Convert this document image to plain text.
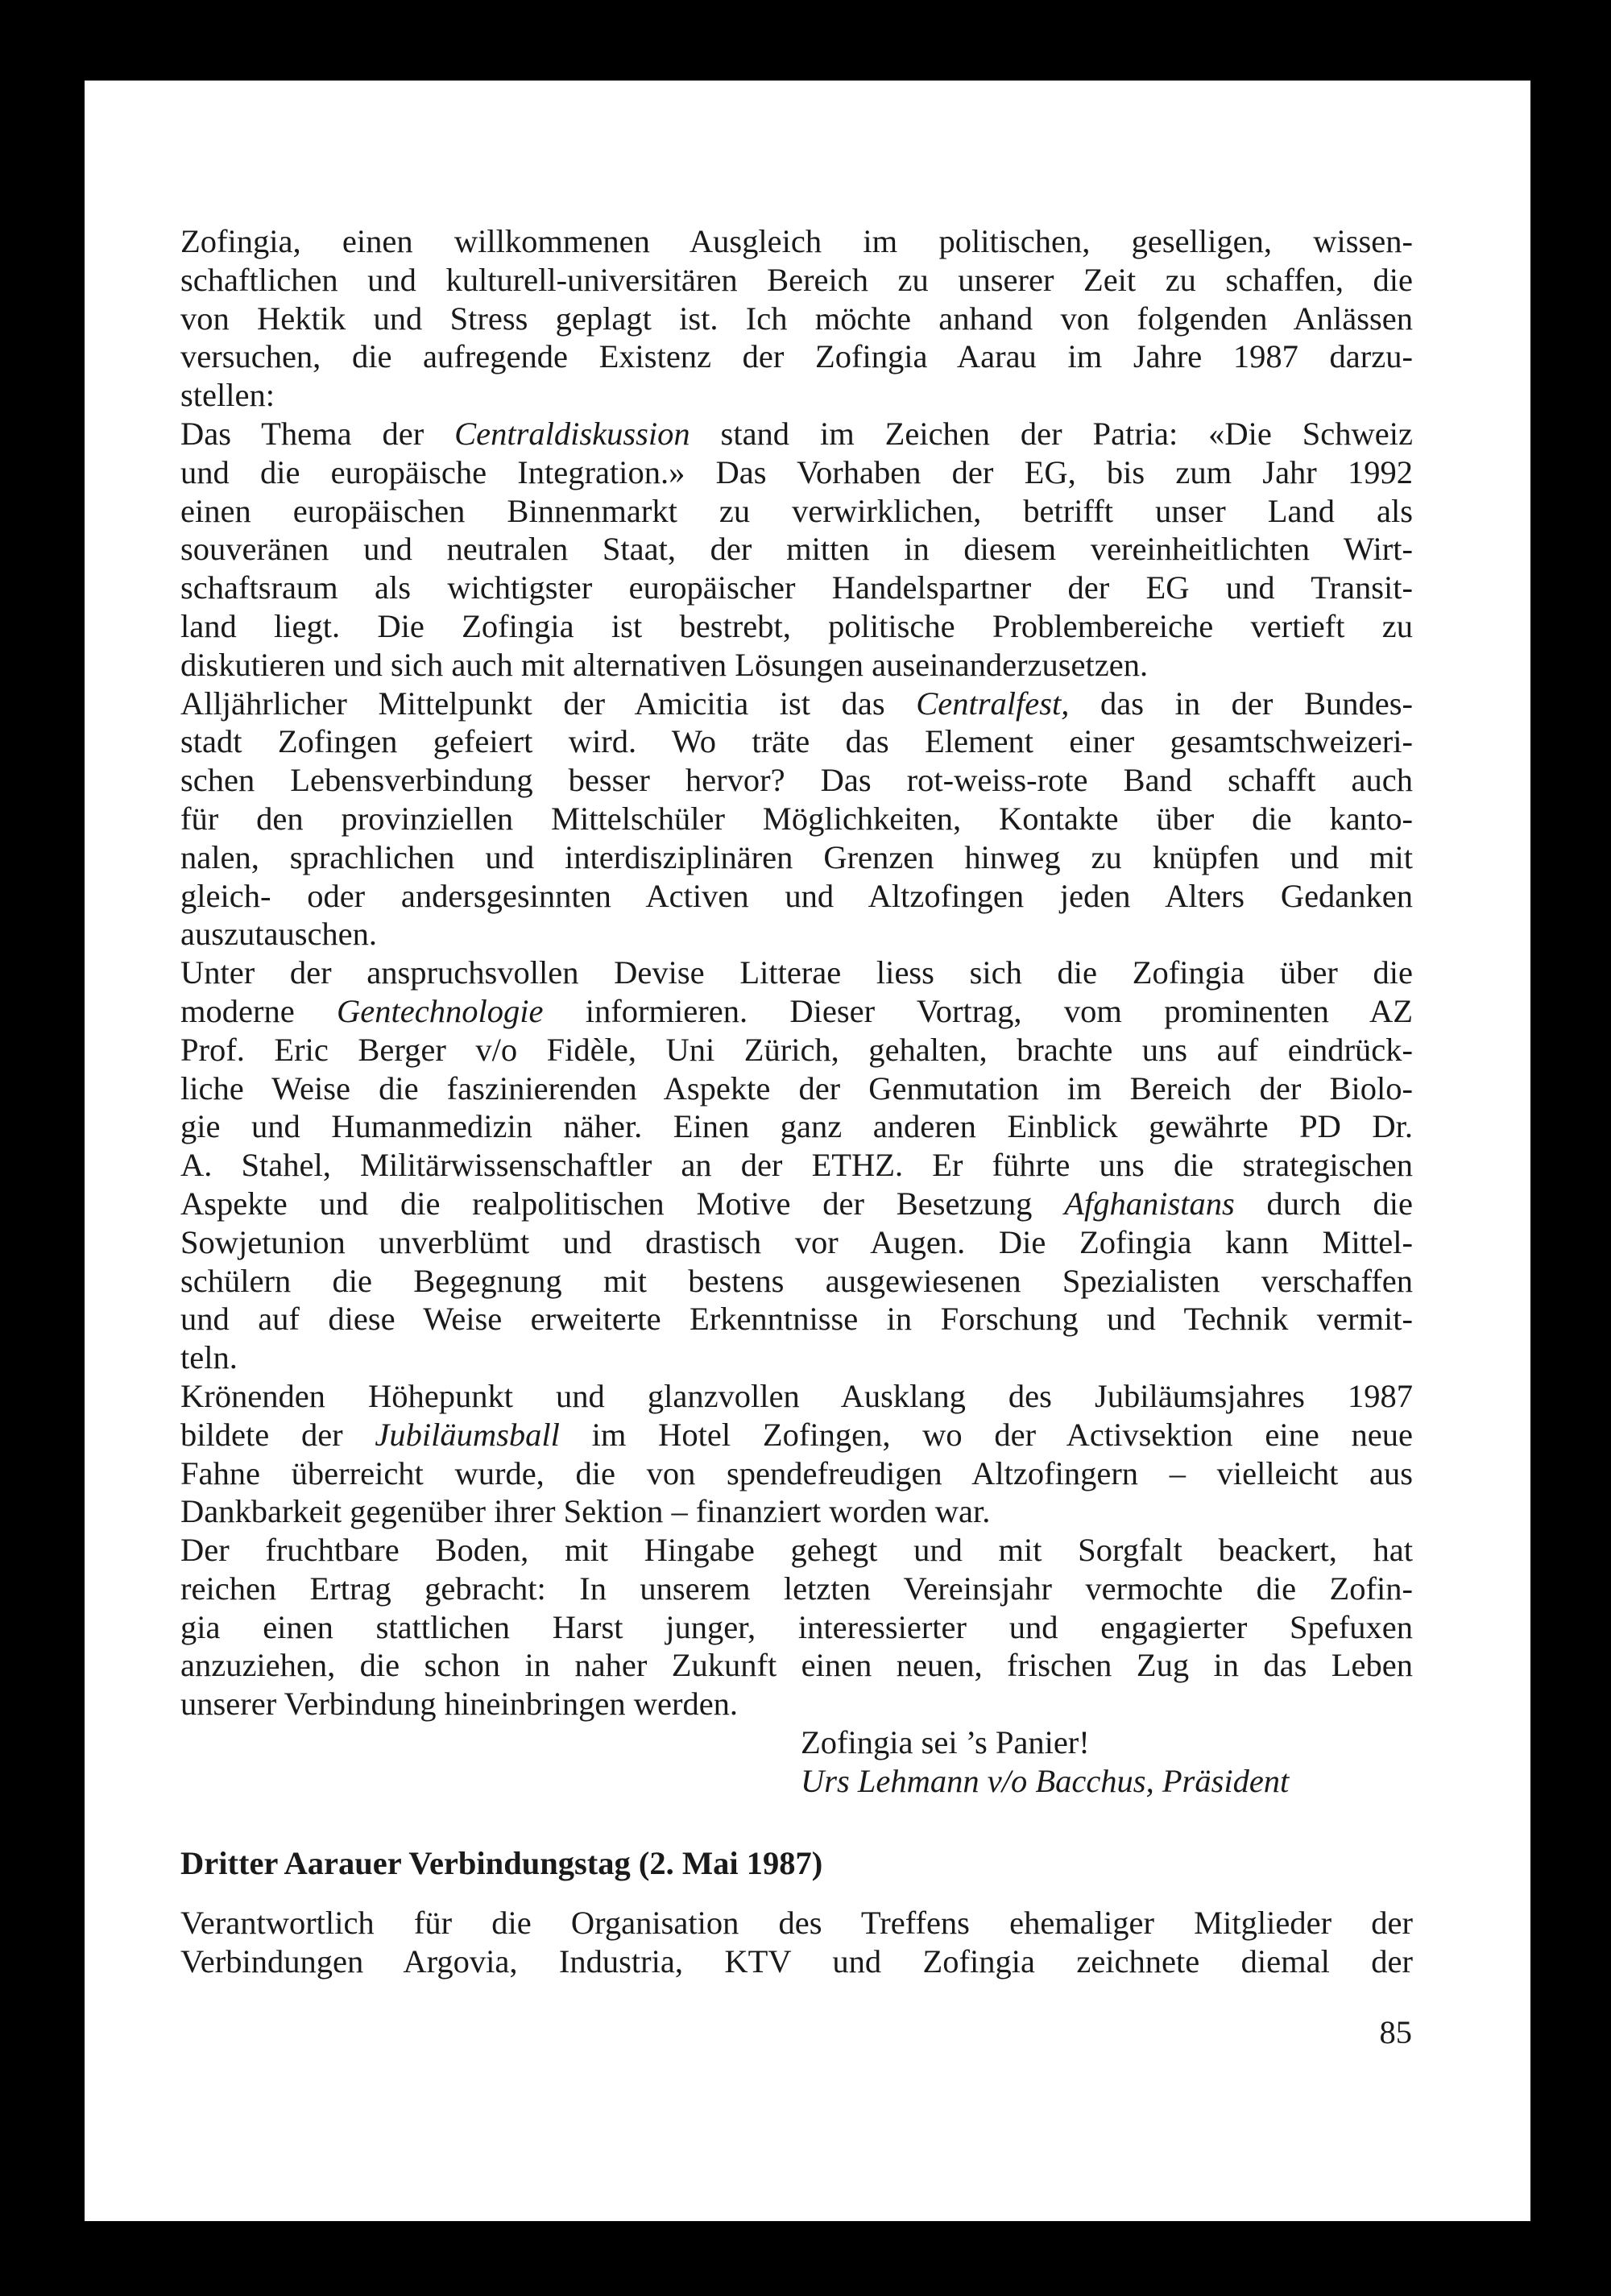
Zofingia, einen willkommenen Ausgleich im politischen, geselligen, wissen-
schaftlichen und kulturell-universitären Bereich zu unserer Zeit zu schaffen, die
von Hektik und Stress geplagt ist. Ich möchte anhand von folgenden Anlässen
versuchen, die aufregende Existenz der Zofingia Aarau im Jahre 1987 darzu-
stellen:
Das Thema der Centraldiskussion stand im Zeichen der Patria: «Die Schweiz
und die europäische Integration.» Das Vorhaben der EG, bis zum Jahr 1992
einen europäischen Binnenmarkt zu verwirklichen, betrifft unser Land als
souveränen und neutralen Staat, der mitten in diesem vereinheitlichten Wirt-
schaftsraum als wichtigster europäischer Handelspartner der EG und Transit-
land liegt. Die Zofingia ist bestrebt, politische Problembereiche vertieft zu
diskutieren und sich auch mit alternativen Lösungen auseinanderzusetzen.
Alljährlicher Mittelpunkt der Amicitia ist das Centralfest, das in der Bundes-
stadt Zofingen gefeiert wird. Wo träte das Element einer gesamtschweizeri-
schen Lebensverbindung besser hervor? Das rot-weiss-rote Band schafft auch
für den provinziellen Mittelschüler Möglichkeiten, Kontakte über die kanto-
nalen, sprachlichen und interdisziplinären Grenzen hinweg zu knüpfen und mit
gleich- oder andersgesinnten Activen und Altzofingen jeden Alters Gedanken
auszutauschen.
Unter der anspruchsvollen Devise Litterae liess sich die Zofingia über die
moderne Gentechnologie informieren. Dieser Vortrag, vom prominenten AZ
Prof. Eric Berger v/o Fidèle, Uni Zürich, gehalten, brachte uns auf eindrück-
liche Weise die faszinierenden Aspekte der Genmutation im Bereich der Biolo-
gie und Humanmedizin näher. Einen ganz anderen Einblick gewährte PD Dr.
A. Stahel, Militärwissenschaftler an der ETHZ. Er führte uns die strategischen
Aspekte und die realpolitischen Motive der Besetzung Afghanistans durch die
Sowjetunion unverblümt und drastisch vor Augen. Die Zofingia kann Mittel-
schülern die Begegnung mit bestens ausgewiesenen Spezialisten verschaffen
und auf diese Weise erweiterte Erkenntnisse in Forschung und Technik vermit-
teln.
Krönenden Höhepunkt und glanzvollen Ausklang des Jubiläumsjahres 1987
bildete der Jubiläumsball im Hotel Zofingen, wo der Activsektion eine neue
Fahne überreicht wurde, die von spendefreudigen Altzofingern – vielleicht aus
Dankbarkeit gegenüber ihrer Sektion – finanziert worden war.
Der fruchtbare Boden, mit Hingabe gehegt und mit Sorgfalt beackert, hat
reichen Ertrag gebracht: In unserem letzten Vereinsjahr vermochte die Zofin-
gia einen stattlichen Harst junger, interessierter und engagierter Spefuxen
anzuziehen, die schon in naher Zukunft einen neuen, frischen Zug in das Leben
unserer Verbindung hineinbringen werden.
Zofingia sei ’s Panier!
Urs Lehmann v/o Bacchus, Präsident
Dritter Aarauer Verbindungstag (2. Mai 1987)
Verantwortlich für die Organisation des Treffens ehemaliger Mitglieder der
Verbindungen Argovia, Industria, KTV und Zofingia zeichnete diemal der
85
